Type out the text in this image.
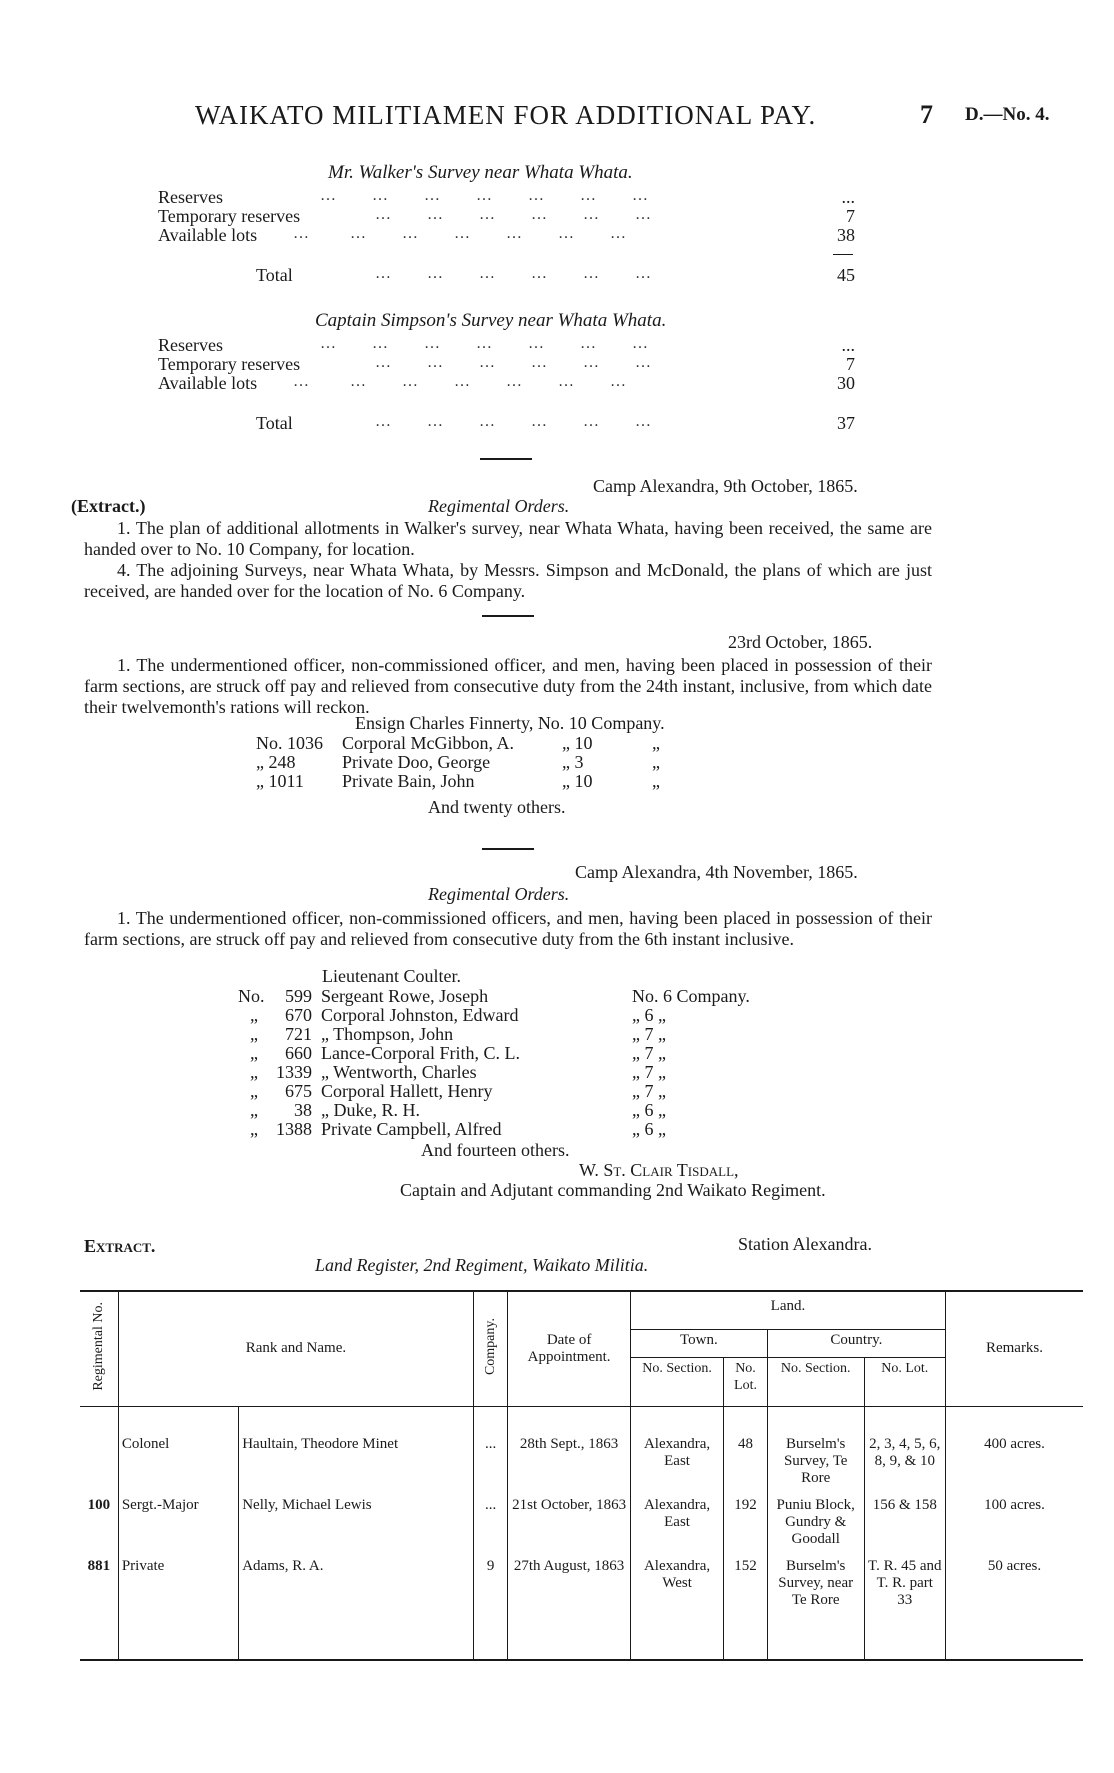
WAIKATO MILITIAMEN FOR ADDITIONAL PAY.	7 D.—No. 4.
Mr. Walker's Survey near Whata Whata.
Reserves	…       …       …       …       …       …       …	...
Temporary reserves	…       …       …       …       …       …	7
Available lots …        …       …       …       …       …       …	38
Total	…       …       …       …       …       …	45
Captain Simpson's Survey near Whata Whata.
Reserves	…       …       …       …       …       …       …	...
Temporary reserves	…       …       …       …       …       …	7
Available lots …        …       …       …       …       …       …	30
Total	…       …       …       …       …       …	37
Camp Alexandra, 9th October, 1865.
(Extract.)	Regimental Orders.
1. The plan of additional allotments in Walker's survey, near Whata Whata, having been received, the same are handed over to No. 10 Company, for location.
4. The adjoining Surveys, near Whata Whata, by Messrs. Simpson and McDonald, the plans of which are just received, are handed over for the location of No. 6 Company.
23rd October, 1865.
1. The undermentioned officer, non-commissioned officer, and men, having been placed in possession of their farm sections, are struck off pay and relieved from consecutive duty from the 24th instant, inclusive, from which date their twelvemonth's rations will reckon.
Ensign Charles Finnerty, No. 10 Company.
No. 1036 Corporal McGibbon, A.	„ 10	„
„ 248	Private Doo, George	„ 3	„
„ 1011 Private Bain, John	„ 10	„
And twenty others.
Camp Alexandra, 4th November, 1865.
Regimental Orders.
1. The undermentioned officer, non-commissioned officers, and men, having been placed in possession of their farm sections, are struck off pay and relieved from consecutive duty from the 6th instant inclusive.
Lieutenant Coulter.
No.	599 Sergeant Rowe, Joseph	No. 6 Company.
„	670 Corporal Johnston, Edward	„ 6 „
„	721 „ Thompson, John	„ 7 „
„	660 Lance-Corporal Frith, C. L.	„ 7 „
„	1339 „ Wentworth, Charles	„ 7 „
„	675 Corporal Hallett, Henry	„ 7 „
„	38 „ Duke, R. H.	„ 6 „
„	1388 Private Campbell, Alfred	„ 6 „
And fourteen others.
W. St. Clair Tisdall,
Captain and Adjutant commanding 2nd Waikato Regiment.
Extract.	Station Alexandra.
Land Register, 2nd Regiment, Waikato Militia.
Regimental No.	Rank and Name.		Company.	Date of Appointment.	Land.				Remarks.
					Town.		Country.		
					No. Section.	No. Lot.	No. Section.	No. Lot.	

	Colonel	Haultain, Theodore Minet	...	28th Sept., 1863	Alexandra, East	48	Burselm's Survey, Te Rore	2, 3, 4, 5, 6, 8, 9, & 10	400 acres.
100	Sergt.-Major	Nelly, Michael Lewis	...	21st October, 1863	Alexandra, East	192	Puniu Block, Gundry & Goodall	156 & 158	100 acres.
881	Private	Adams, R. A.	9	27th August, 1863	Alexandra, West	152	Burselm's Survey, near Te Rore	T. R. 45 and T. R. part 33	50 acres.
